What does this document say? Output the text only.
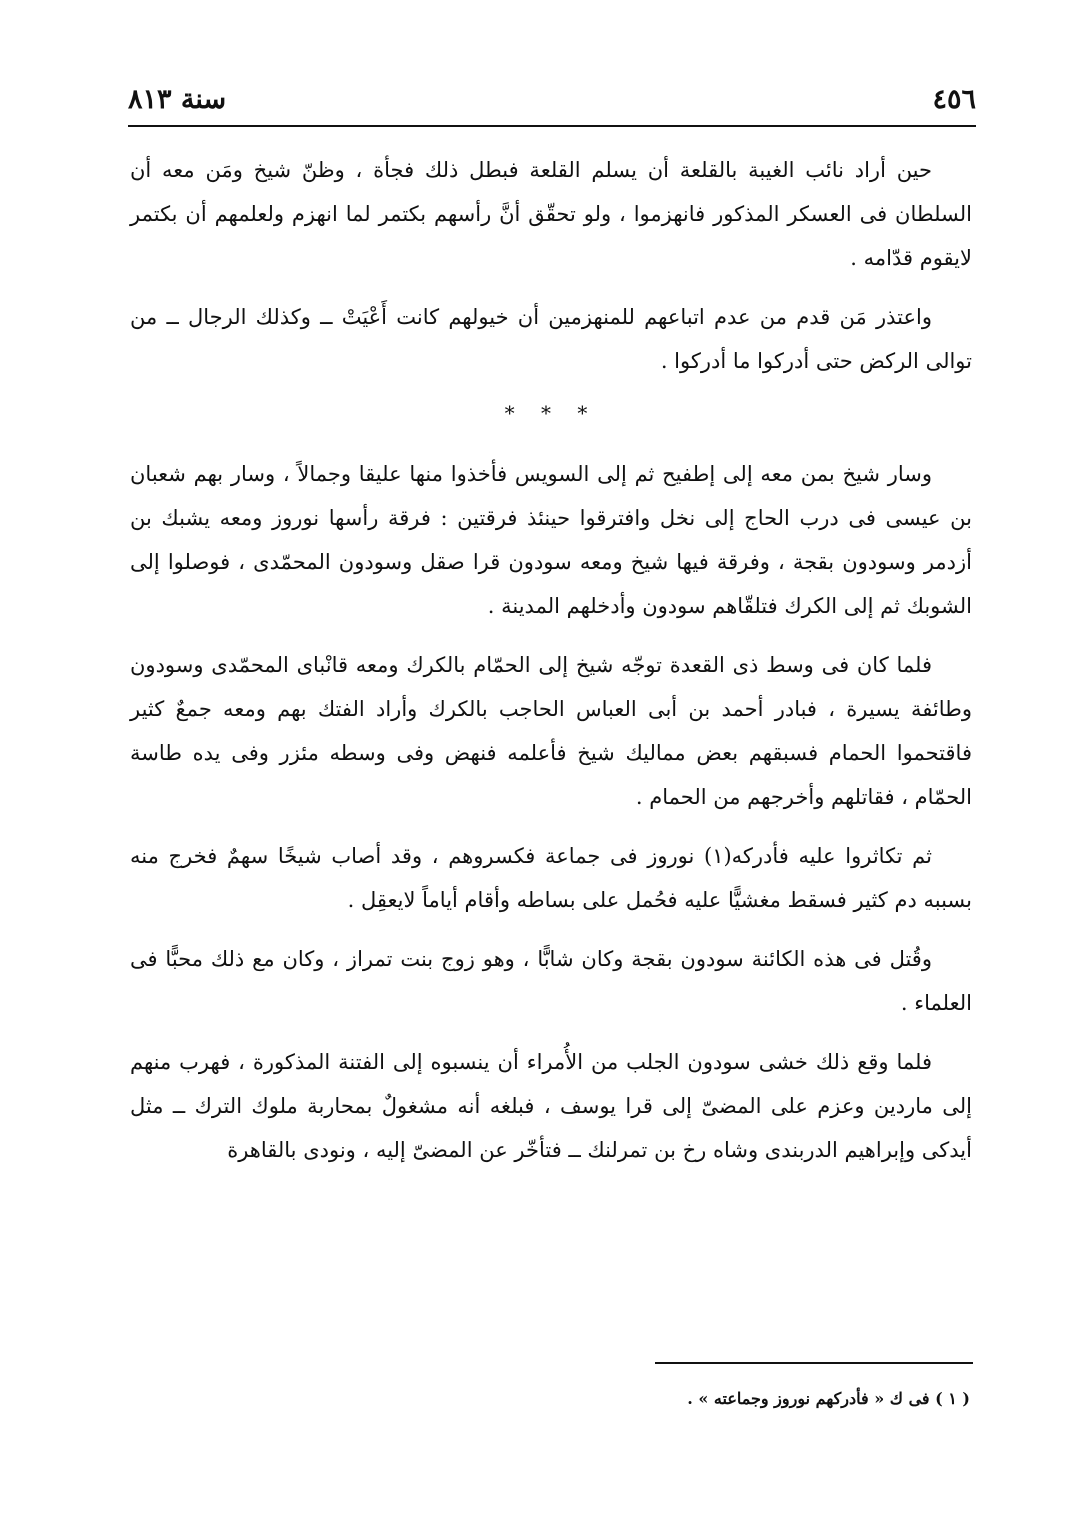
٤٥٦
سنة ٨١٣

حين أراد نائب الغيبة بالقلعة أن يسلم القلعة فبطل ذلك فجأة ، وظنّ شيخ ومَن معه أن السلطان فى العسكر المذكور فانهزموا ، ولو تحقّق أنَّ رأسهم بكتمر لما انهزم ولعلمهم أن بكتمر لايقوم قدّامه .

واعتذر مَن قدم من عدم اتباعهم للمنهزمين أن خيولهم كانت أَعْيَتْ ــ وكذلك الرجال ــ من توالى الركض حتى أدركوا ما أدركوا .

* * *

وسار شيخ بمن معه إلى إطفيح ثم إلى السويس فأخذوا منها عليقا وجمالاً ، وسار بهم شعبان بن عيسى فى درب الحاج إلى نخل وافترقوا حينئذ فرقتين : فرقة رأسها نوروز ومعه يشبك بن أزدمر وسودون بقجة ، وفرقة فيها شيخ ومعه سودون قرا صقل وسودون المحمّدى ، فوصلوا إلى الشوبك ثم إلى الكرك فتلقّاهم سودون وأدخلهم المدينة .

فلما كان فى وسط ذى القعدة توجّه شيخ إلى الحمّام بالكرك ومعه قانْباى المحمّدى وسودون وطائفة يسيرة ، فبادر أحمد بن أبى العباس الحاجب بالكرك وأراد الفتك بهم ومعه جمعٌ كثير فاقتحموا الحمام فسبقهم بعض مماليك شيخ فأعلمه فنهض وفى وسطه مئزر وفى يده طاسة الحمّام ، فقاتلهم وأخرجهم من الحمام .

ثم تكاثروا عليه فأدركه(١) نوروز فى جماعة فكسروهم ، وقد أصاب شيخًا سهمٌ فخرج منه بسببه دم كثير فسقط مغشيًّا عليه فحُمل على بساطه وأقام أياماً لايعقِل .

وقُتل فى هذه الكائنة سودون بقجة وكان شابًّا ، وهو زوج بنت تمراز ، وكان مع ذلك محبًّا فى العلماء .

فلما وقع ذلك خشى سودون الجلب من الأُمراء أن ينسبوه إلى الفتنة المذكورة ، فهرب منهم إلى ماردين وعزم على المضىّ إلى قرا يوسف ، فبلغه أنه مشغولٌ بمحاربة ملوك الترك ــ مثل أيدكى وإبراهيم الدربندى وشاه رخ بن تمرلنك ــ فتأخّر عن المضىّ إليه ، ونودى بالقاهرة

( ١ ) فى ك « فأدركهم نوروز وجماعته » .
